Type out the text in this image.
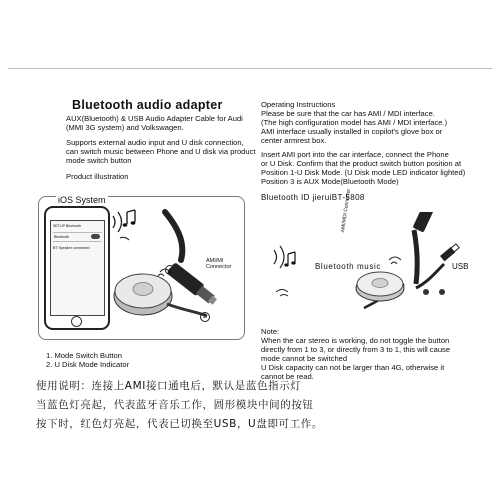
Bluetooth audio adapter

AUX(Bluetooth) & USB Audio Adapter Cable for Audi

(MMI 3G system) and Volkswagen.

Supports external audio input and U disk connection,

can switch music between Phone and U disk via product

mode switch button

Product illustration
iOS System
SETUP Bluetooth
Bluetooth
BT Speaker connected
1
2
AMI/MI
Connector
1. Mode Switch Button
2. U Disk Mode Indicator
使用说明：连接上AMI接口通电后，默认是蓝色指示灯
当蓝色灯亮起，代表蓝牙音乐工作，圆形模块中间的按钮
按下时，红色灯亮起，代表已切换至USB，U盘即可工作。
Operating Instructions
Please be sure that the car has AMI / MDI interface.
(The high configuration model has AMI / MDI interface.)
AMI interface usually installed in copilot's glove box or
center armrest box.
Insert AMI port into the car interface, connect the Phone
or U Disk. Confirm that the product switch button position at
Position 1-U Disk Mode. (U Disk mode LED indicator lighted)
Position 3 is AUX Mode(Bluetooth Mode)
Bluetooth ID jieruiBT-5808
Bluetooth music	USB
AMI/MDI Connector
Note:
When the car stereo is working, do not toggle the button
directly from 1 to 3, or directly from 3 to 1, this will cause
mode cannot be switched
U Disk capacity can not be larger than 4G, otherwise it
cannot be read.
